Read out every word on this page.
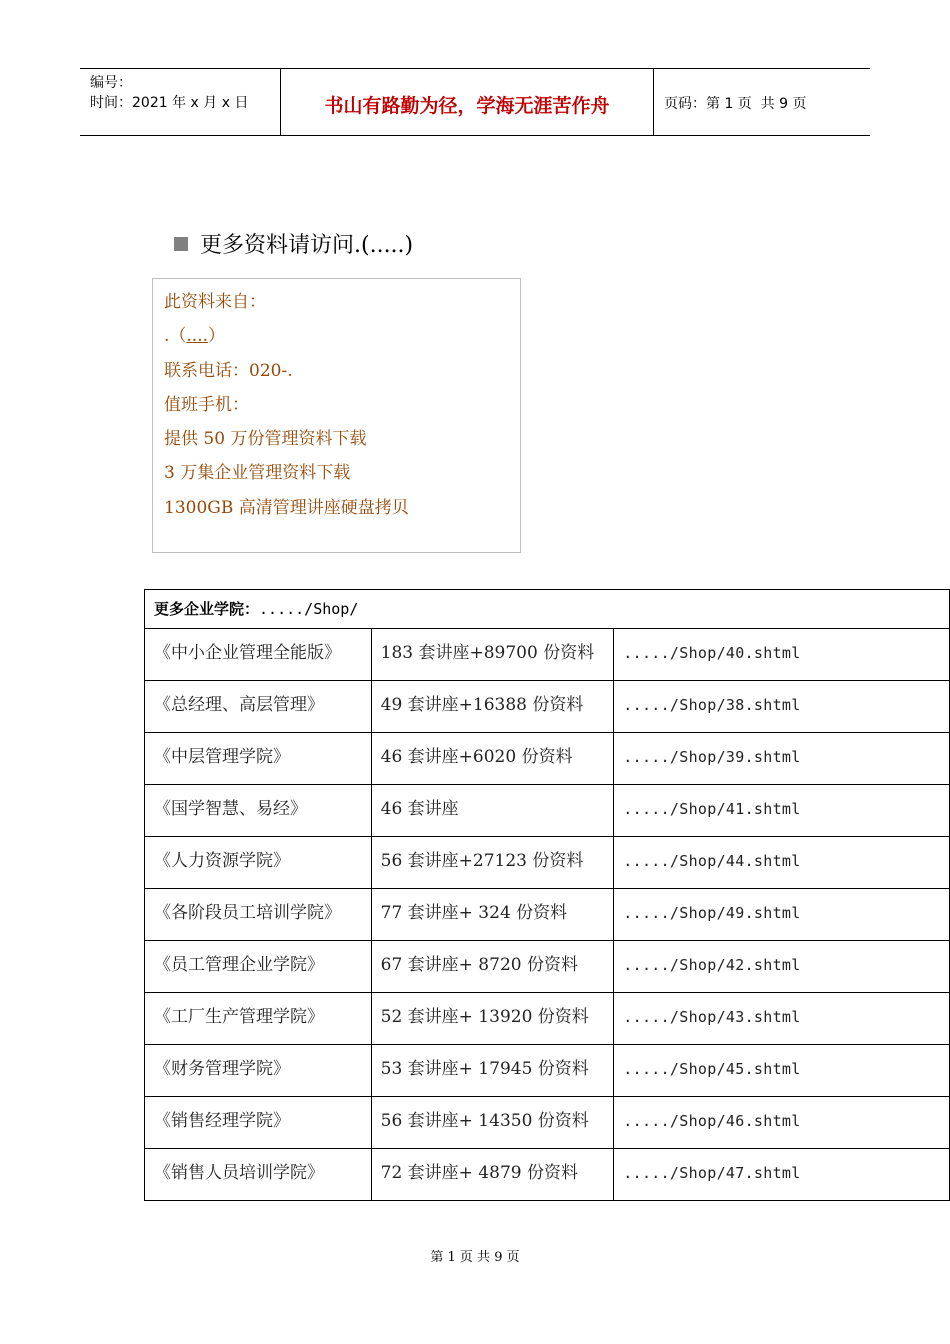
编号：
时间：2021 年 x 月 x 日	书山有路勤为径，学海无涯苦作舟	页码：第 1 页  共 9 页
更多资料请访问.(.....)
此资料来自：
.（....）
联系电话：020-.
值班手机：
提供 50 万份管理资料下载
3 万集企业管理资料下载
1300GB 高清管理讲座硬盘拷贝
更多企业学院：...../Shop/		
《中小企业管理全能版》	183 套讲座+89700 份资料	...../Shop/40.shtml
《总经理、高层管理》	49 套讲座+16388 份资料	...../Shop/38.shtml
《中层管理学院》	46 套讲座+6020 份资料	...../Shop/39.shtml
《国学智慧、易经》	46 套讲座	...../Shop/41.shtml
《人力资源学院》	56 套讲座+27123 份资料	...../Shop/44.shtml
《各阶段员工培训学院》	77 套讲座+ 324 份资料	...../Shop/49.shtml
《员工管理企业学院》	67 套讲座+ 8720 份资料	...../Shop/42.shtml
《工厂生产管理学院》	52 套讲座+ 13920 份资料	...../Shop/43.shtml
《财务管理学院》	53 套讲座+ 17945 份资料	...../Shop/45.shtml
《销售经理学院》	56 套讲座+ 14350 份资料	...../Shop/46.shtml
《销售人员培训学院》	72 套讲座+ 4879 份资料	...../Shop/47.shtml
第 1 页 共 9 页
